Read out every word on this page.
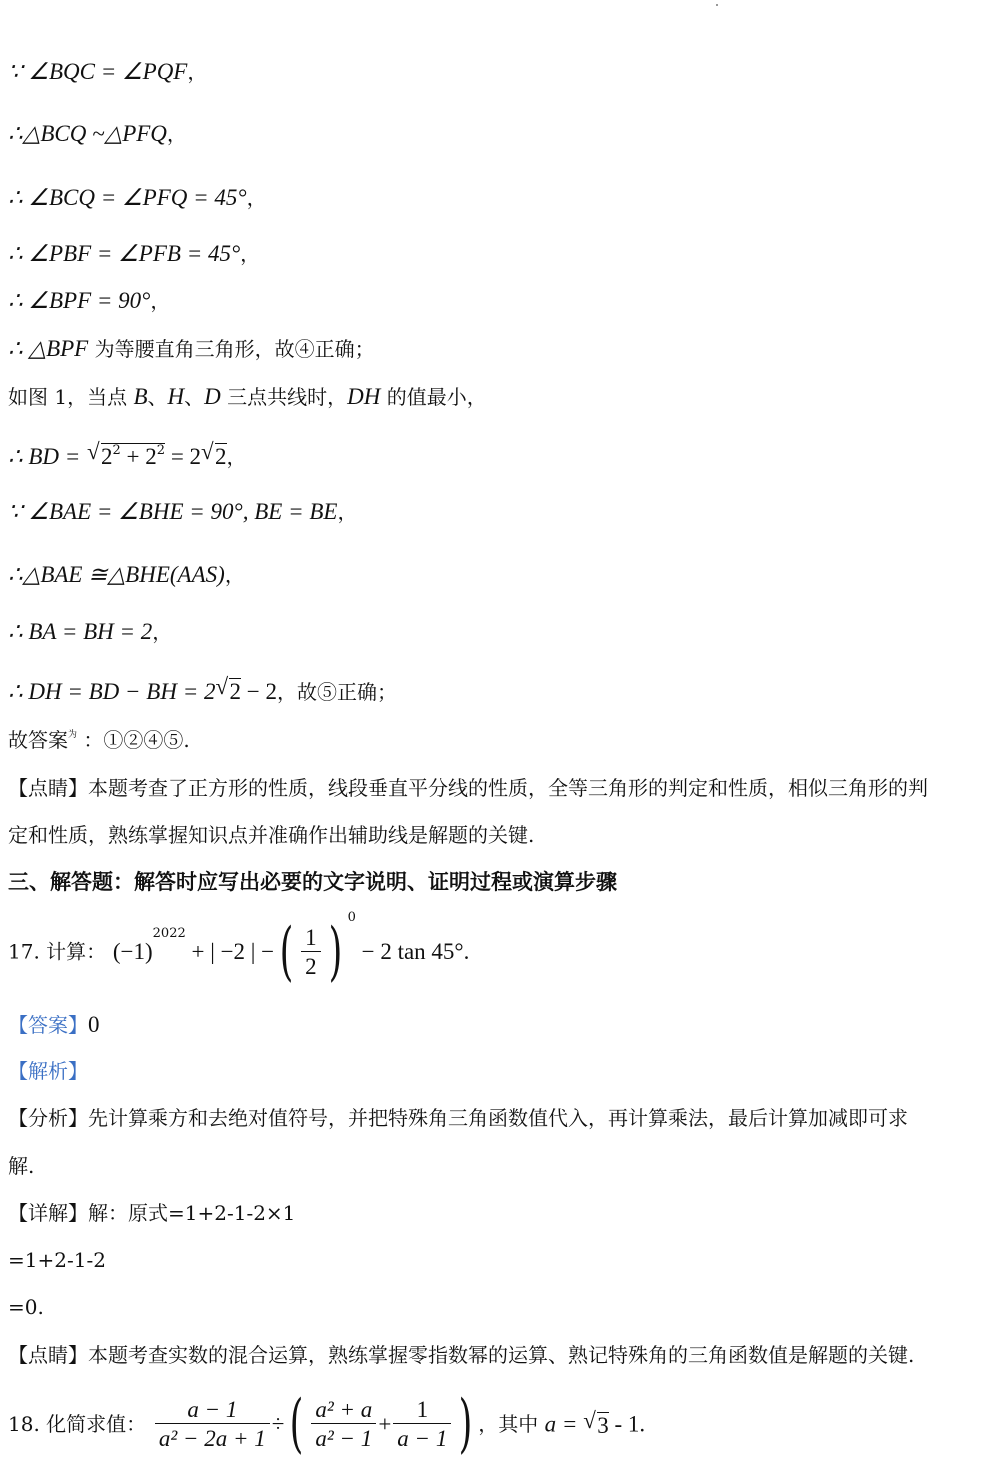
∵ ∠BQC = ∠PQF，
∴△BCQ ~△PFQ，
∴ ∠BCQ = ∠PFQ = 45°，
∴ ∠PBF = ∠PFB = 45°，
∴ ∠BPF = 90°，
∴ △BPF 为等腰直角三角形，故④正确；
如图 1，当点 B、H、D 三点共线时，DH 的值最小，
∴ BD = √ $2^2 + 2^2 = 2$ √ 2，
∵ ∠BAE = ∠BHE = 90°, BE = BE，
∴△BAE ≅△BHE(AAS)，
∴ BA = BH = 2，
∴ DH = BD − BH = 2 √ 2 − 2，故⑤正确；
故答案$^为$ ：①②④⑤.
【点睛】本题考查了正方形的性质，线段垂直平分线的性质，全等三角形的判定和性质，相似三角形的判
定和性质，熟练掌握知识点并准确作出辅助线是解题的关键.
三、解答题：解答时应写出必要的文字说明、证明过程或演算步骤
17. 计算： $(-1)^{2022}$ + | −2 | −( $\frac{1}{2}$ ) $^0$ − 2 tan 45°.
【答案】0
【解析】
【分析】先计算乘方和去绝对值符号，并把特殊角三角函数值代入，再计算乘法，最后计算加减即可求
解.
【详解】解：原式=1+2-1-2×1
=1+2-1-2
=0.
【点睛】本题考查实数的混合运算，熟练掌握零指数幂的运算、熟记特殊角的三角函数值是解题的关键.
18. 化简求值： $\frac{a - 1}{\text{a² − 2a + 1}}$ ÷( $\frac{\text{a² + a}}{\text{a² − 1}} + \frac{1}{a - 1}$ ) ，其中 a = √ 3 - 1.
